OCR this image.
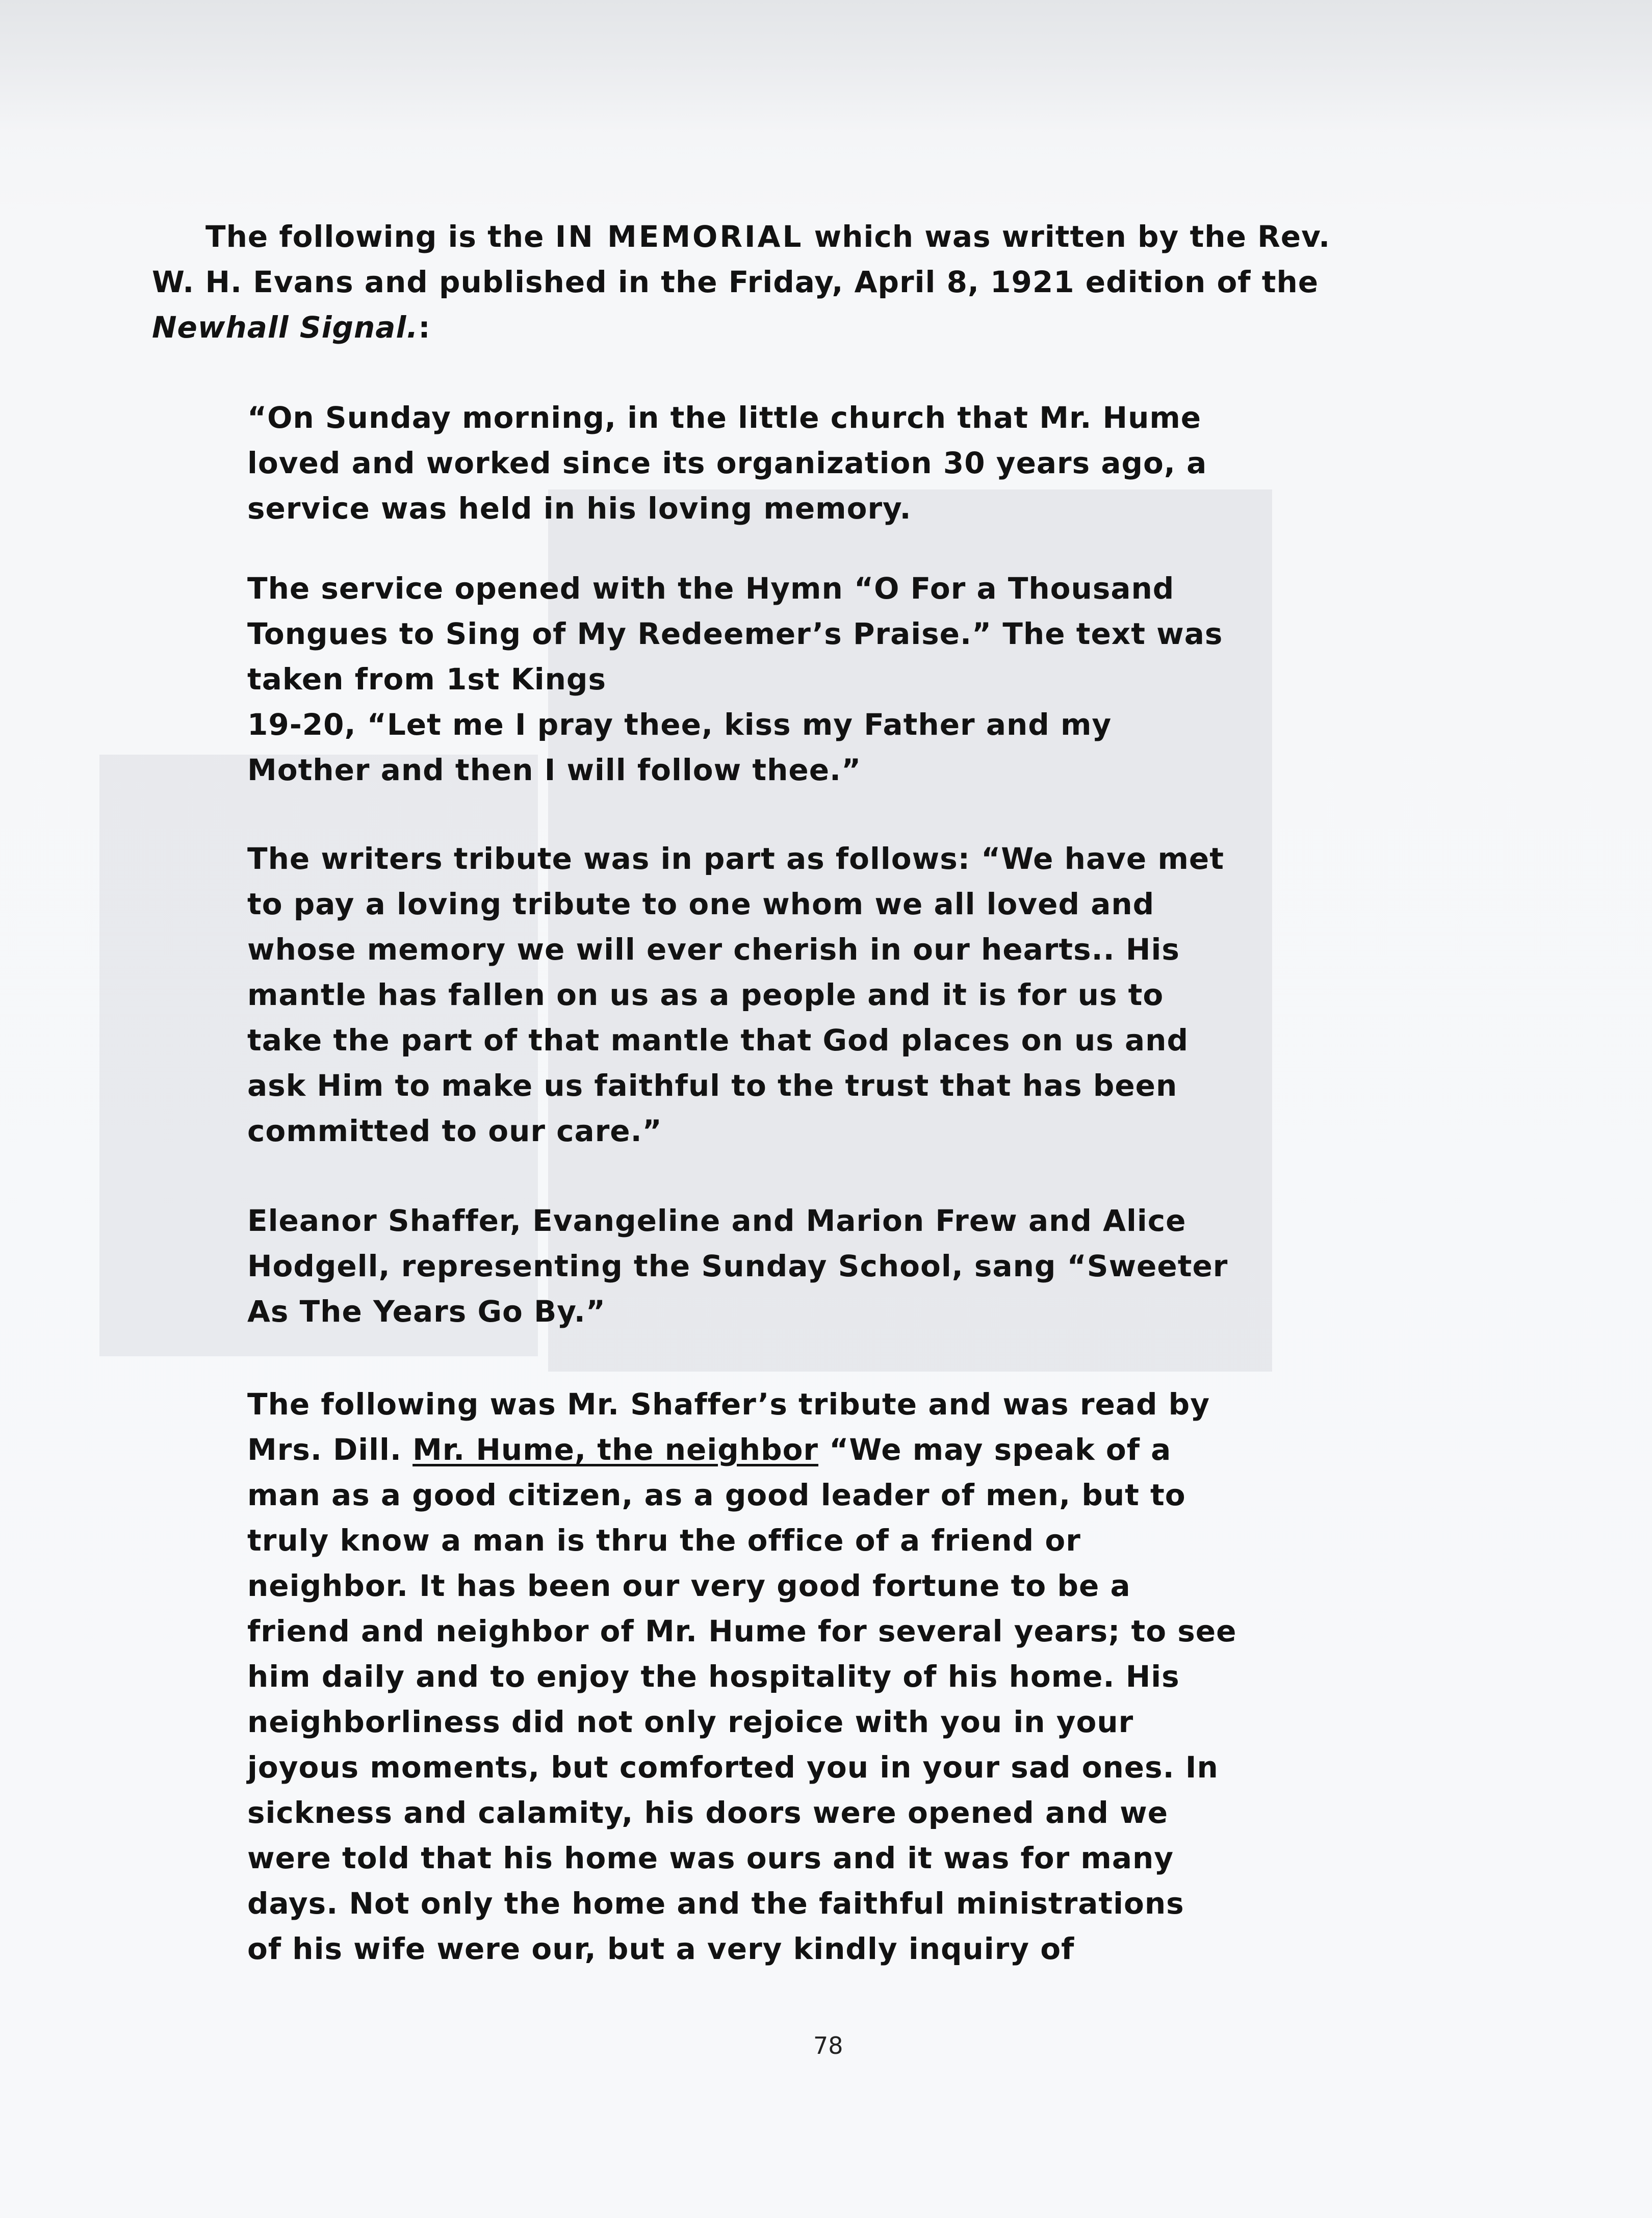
The following is the IN MEMORIAL which was written by the Rev.
W. H. Evans and published in the Friday, April 8, 1921 edition of the
Newhall Signal.:
“On Sunday morning, in the little church that Mr. Hume
loved and worked since its organization 30 years ago, a
service was held in his loving memory.
The service opened with the Hymn “O For a Thousand
Tongues to Sing of My Redeemer’s Praise.” The text was
taken from 1st Kings
19-20, “Let me I pray thee, kiss my Father and my
Mother and then I will follow thee.”
The writers tribute was in part as follows: “We have met
to pay a loving tribute to one whom we all loved and
whose memory we will ever cherish in our hearts.. His
mantle has fallen on us as a people and it is for us to
take the part of that mantle that God places on us and
ask Him to make us faithful to the trust that has been
committed to our care.”
Eleanor Shaffer, Evangeline and Marion Frew and Alice
Hodgell, representing the Sunday School, sang “Sweeter
As The Years Go By.”
The following was Mr. Shaffer’s tribute and was read by
Mrs. Dill. Mr. Hume, the neighbor “We may speak of a
man as a good citizen, as a good leader of men, but to
truly know a man is thru the office of a friend or
neighbor. It has been our very good fortune to be a
friend and neighbor of Mr. Hume for several years; to see
him daily and to enjoy the hospitality of his home. His
neighborliness did not only rejoice with you in your
joyous moments, but comforted you in your sad ones. In
sickness and calamity, his doors were opened and we
were told that his home was ours and it was for many
days. Not only the home and the faithful ministrations
of his wife were our, but a very kindly inquiry of
78
